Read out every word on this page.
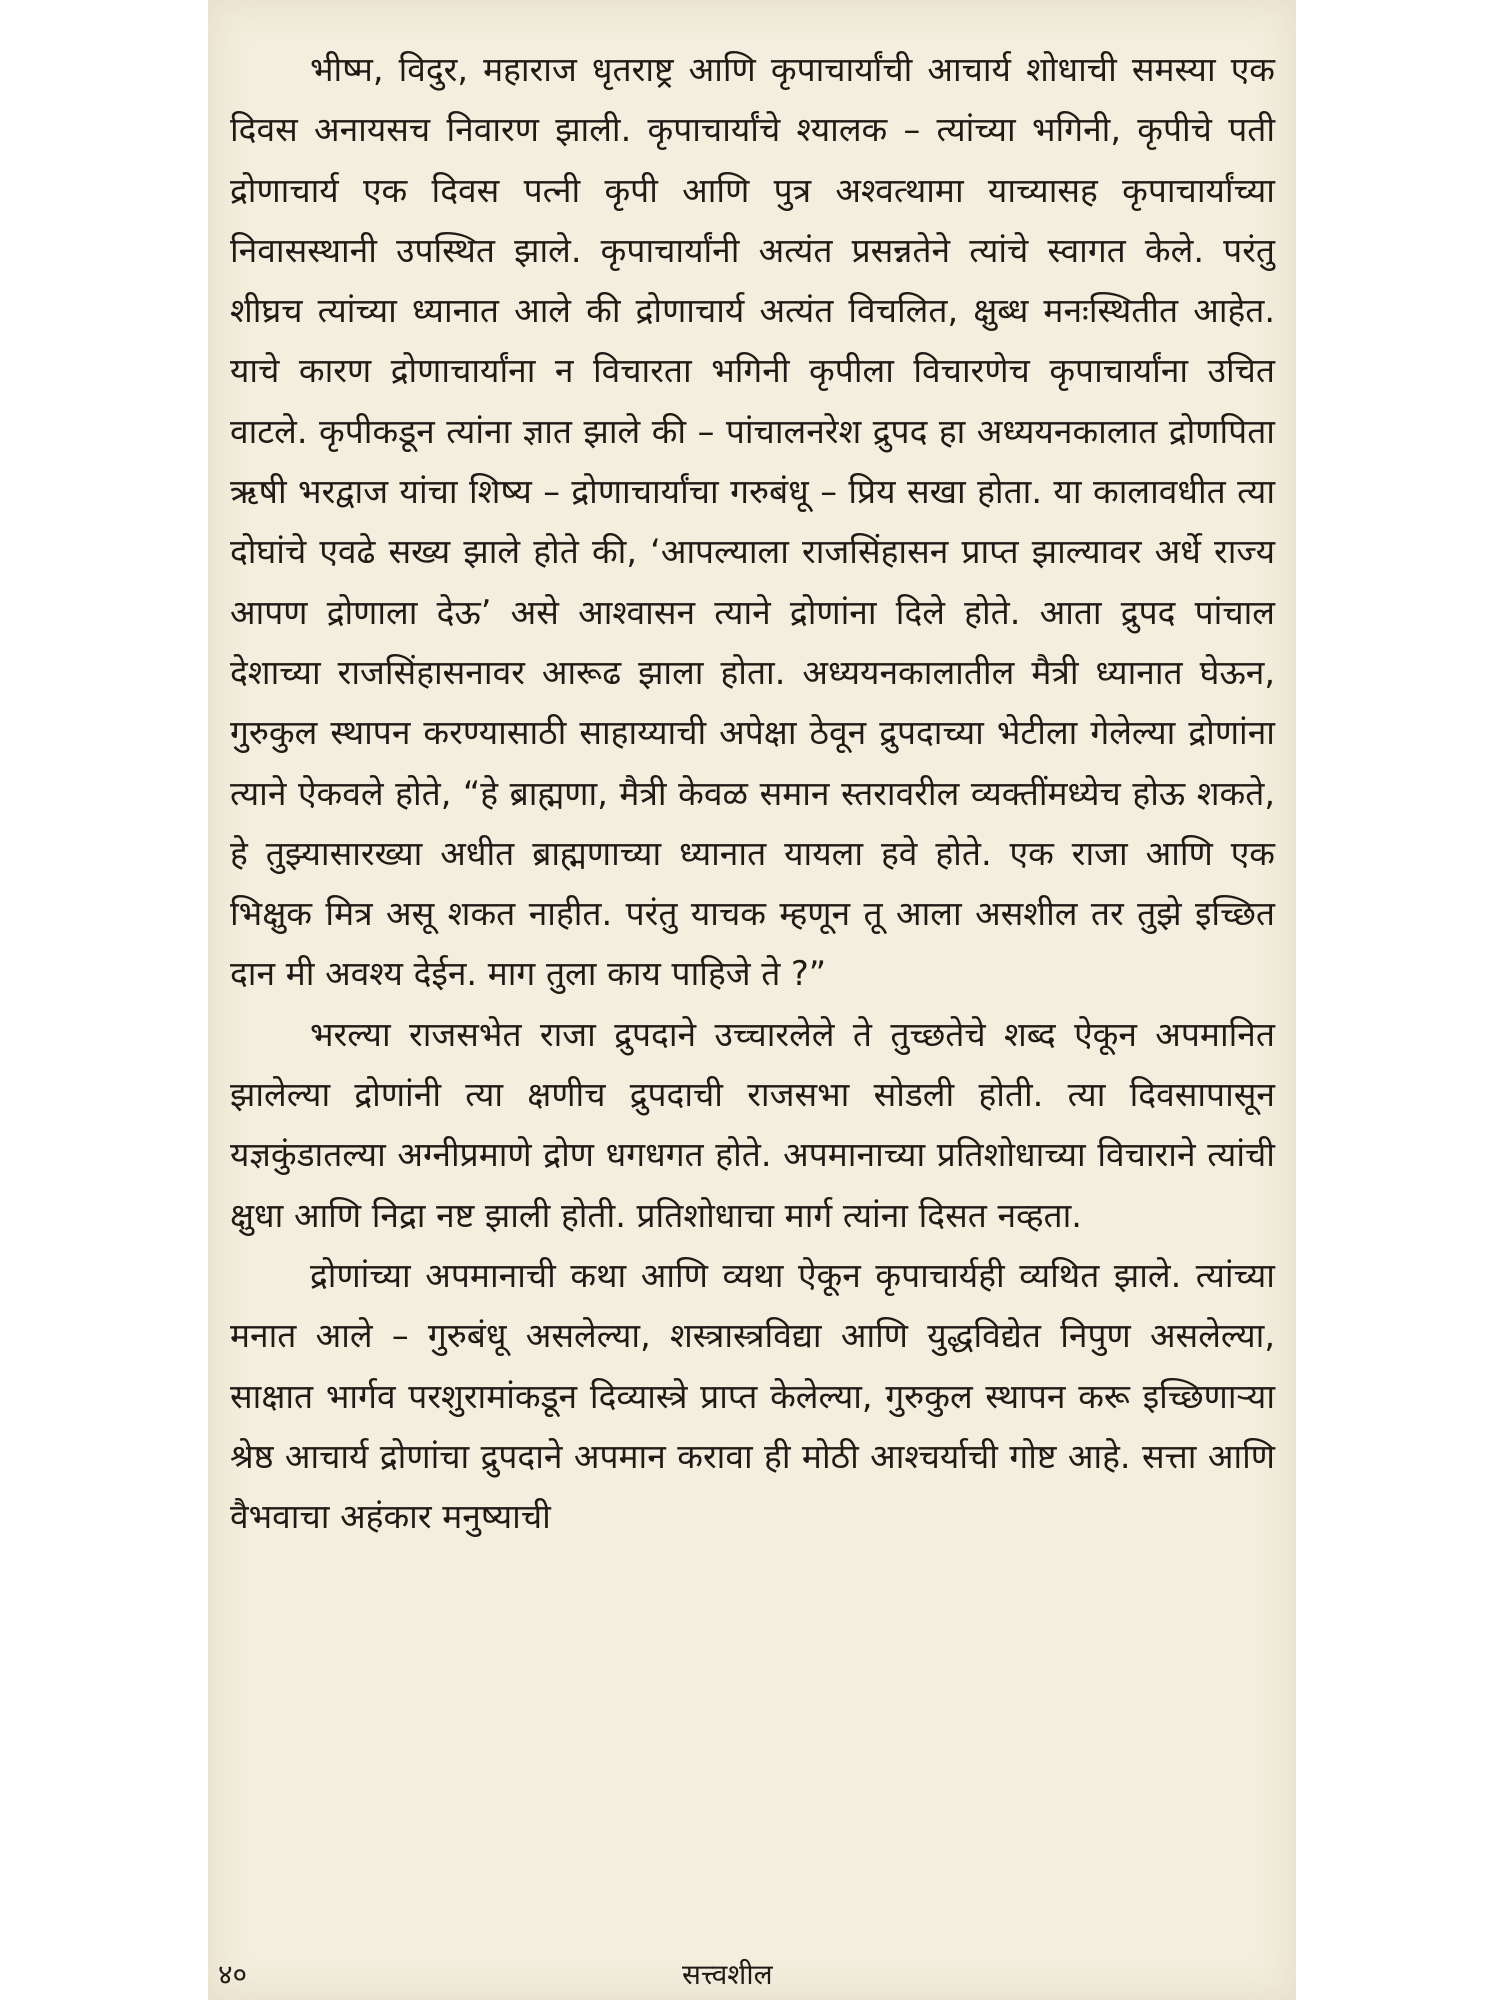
भीष्म, विदुर, महाराज धृतराष्ट्र आणि कृपाचार्यांची आचार्य शोधाची समस्या एक दिवस अनायसच निवारण झाली. कृपाचार्यांचे श्यालक – त्यांच्या भगिनी, कृपीचे पती द्रोणाचार्य एक दिवस पत्नी कृपी आणि पुत्र अश्वत्थामा याच्यासह कृपाचार्यांच्या निवासस्थानी उपस्थित झाले. कृपाचार्यांनी अत्यंत प्रसन्नतेने त्यांचे स्वागत केले. परंतु शीघ्रच त्यांच्या ध्यानात आले की द्रोणाचार्य अत्यंत विचलित, क्षुब्ध मनःस्थितीत आहेत. याचे कारण द्रोणाचार्यांना न विचारता भगिनी कृपीला विचारणेच कृपाचार्यांना उचित वाटले. कृपीकडून त्यांना ज्ञात झाले की – पांचालनरेश द्रुपद हा अध्ययनकालात द्रोणपिता ऋषी भरद्वाज यांचा शिष्य – द्रोणाचार्यांचा गरुबंधू – प्रिय सखा होता. या कालावधीत त्या दोघांचे एवढे सख्य झाले होते की, ‘आपल्याला राजसिंहासन प्राप्त झाल्यावर अर्धे राज्य आपण द्रोणाला देऊ’ असे आश्वासन त्याने द्रोणांना दिले होते. आता द्रुपद पांचाल देशाच्या राजसिंहासनावर आरूढ झाला होता. अध्ययनकालातील मैत्री ध्यानात घेऊन, गुरुकुल स्थापन करण्यासाठी साहाय्याची अपेक्षा ठेवून द्रुपदाच्या भेटीला गेलेल्या द्रोणांना त्याने ऐकवले होते, “हे ब्राह्मणा, मैत्री केवळ समान स्तरावरील व्यक्तींमध्येच होऊ शकते, हे तुझ्यासारख्या अधीत ब्राह्मणाच्या ध्यानात यायला हवे होते. एक राजा आणि एक भिक्षुक मित्र असू शकत नाहीत. परंतु याचक म्हणून तू आला असशील तर तुझे इच्छित दान मी अवश्य देईन. माग तुला काय पाहिजे ते ?”

भरल्या राजसभेत राजा द्रुपदाने उच्चारलेले ते तुच्छतेचे शब्द ऐकून अपमानित झालेल्या द्रोणांनी त्या क्षणीच द्रुपदाची राजसभा सोडली होती. त्या दिवसापासून यज्ञकुंडातल्या अग्नीप्रमाणे द्रोण धगधगत होते. अपमानाच्या प्रतिशोधाच्या विचाराने त्यांची क्षुधा आणि निद्रा नष्ट झाली होती. प्रतिशोधाचा मार्ग त्यांना दिसत नव्हता.

द्रोणांच्या अपमानाची कथा आणि व्यथा ऐकून कृपाचार्यही व्यथित झाले. त्यांच्या मनात आले – गुरुबंधू असलेल्या, शस्त्रास्त्रविद्या आणि युद्धविद्येत निपुण असलेल्या, साक्षात भार्गव परशुरामांकडून दिव्यास्त्रे प्राप्त केलेल्या, गुरुकुल स्थापन करू इच्छिणाऱ्या श्रेष्ठ आचार्य द्रोणांचा द्रुपदाने अपमान करावा ही मोठी आश्चर्याची गोष्ट आहे. सत्ता आणि वैभवाचा अहंकार मनुष्याची

४०	सत्त्वशील
